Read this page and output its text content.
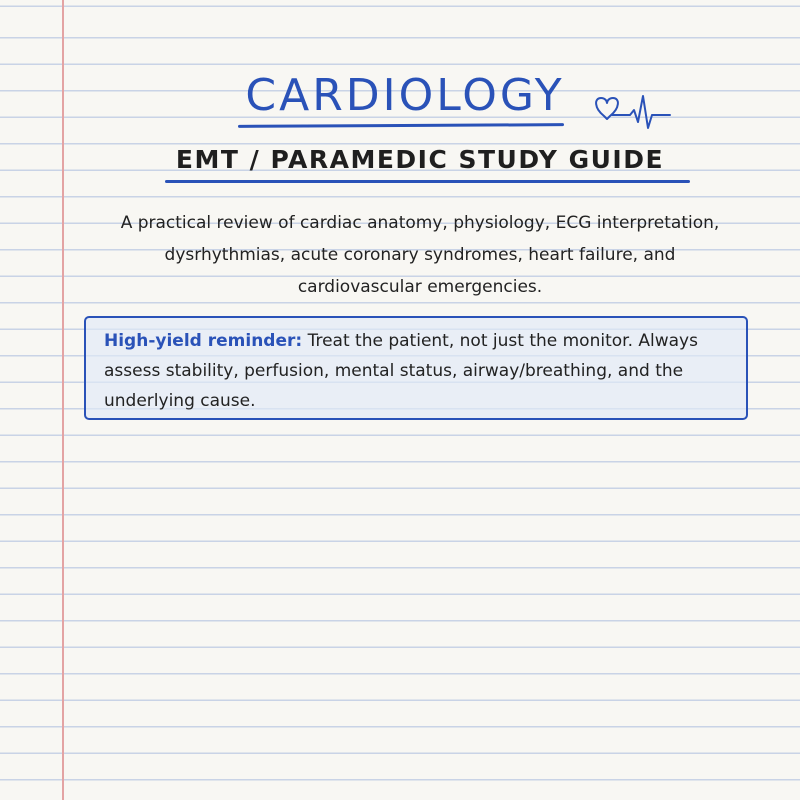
CARDIOLOGY
EMT / PARAMEDIC STUDY GUIDE

A practical review of cardiac anatomy, physiology, ECG interpretation, dysrhythmias, acute coronary syndromes, heart failure, and cardiovascular emergencies.

High-yield reminder: Treat the patient, not just the monitor. Always assess stability, perfusion, mental status, airway/breathing, and the underlying cause.
